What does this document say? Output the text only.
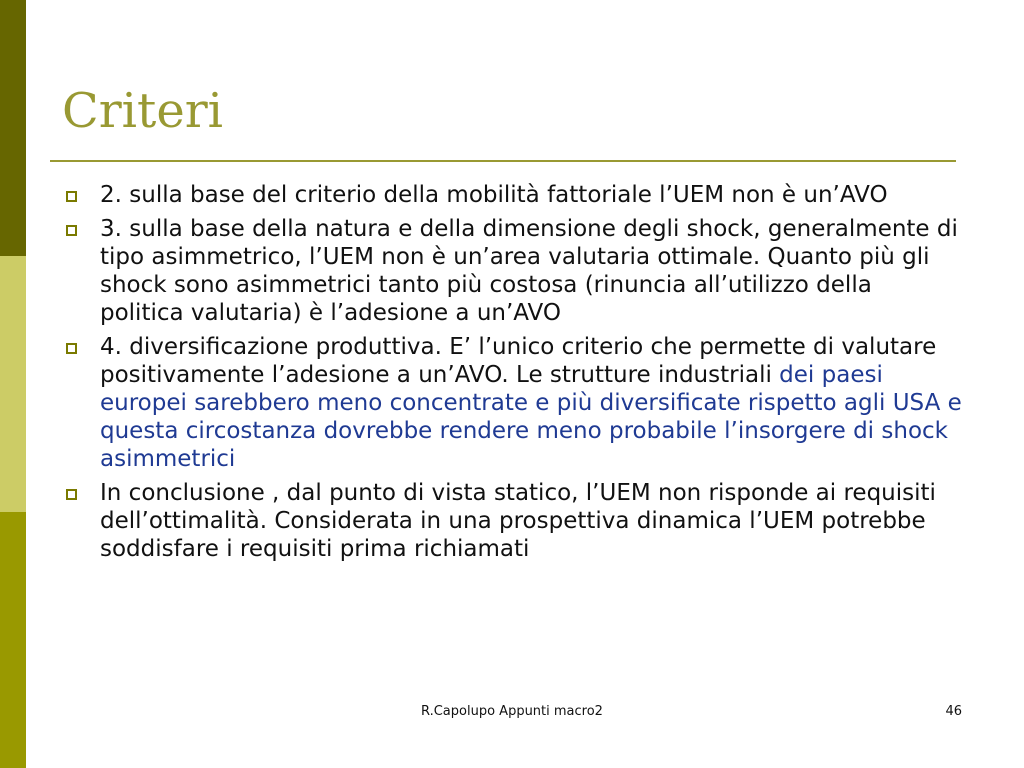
Criteri
2. sulla base del criterio della mobilità fattoriale l’UEM non è un’AVO
3. sulla base della natura e della dimensione degli shock, generalmente di tipo asimmetrico, l’UEM non è un’area valutaria ottimale. Quanto più gli shock sono asimmetrici tanto più costosa (rinuncia all’utilizzo della politica valutaria) è l’adesione a un’AVO
4. diversificazione produttiva. E’ l’unico criterio che permette di valutare positivamente l’adesione a un’AVO. Le strutture industriali dei paesi europei sarebbero meno concentrate e più diversificate rispetto agli USA e questa circostanza dovrebbe rendere meno probabile l’insorgere di shock asimmetrici
In conclusione , dal punto di vista statico, l’UEM non risponde ai requisiti dell’ottimalità. Considerata in una prospettiva dinamica l’UEM potrebbe soddisfare i requisiti prima richiamati
R.Capolupo Appunti macro2	46
